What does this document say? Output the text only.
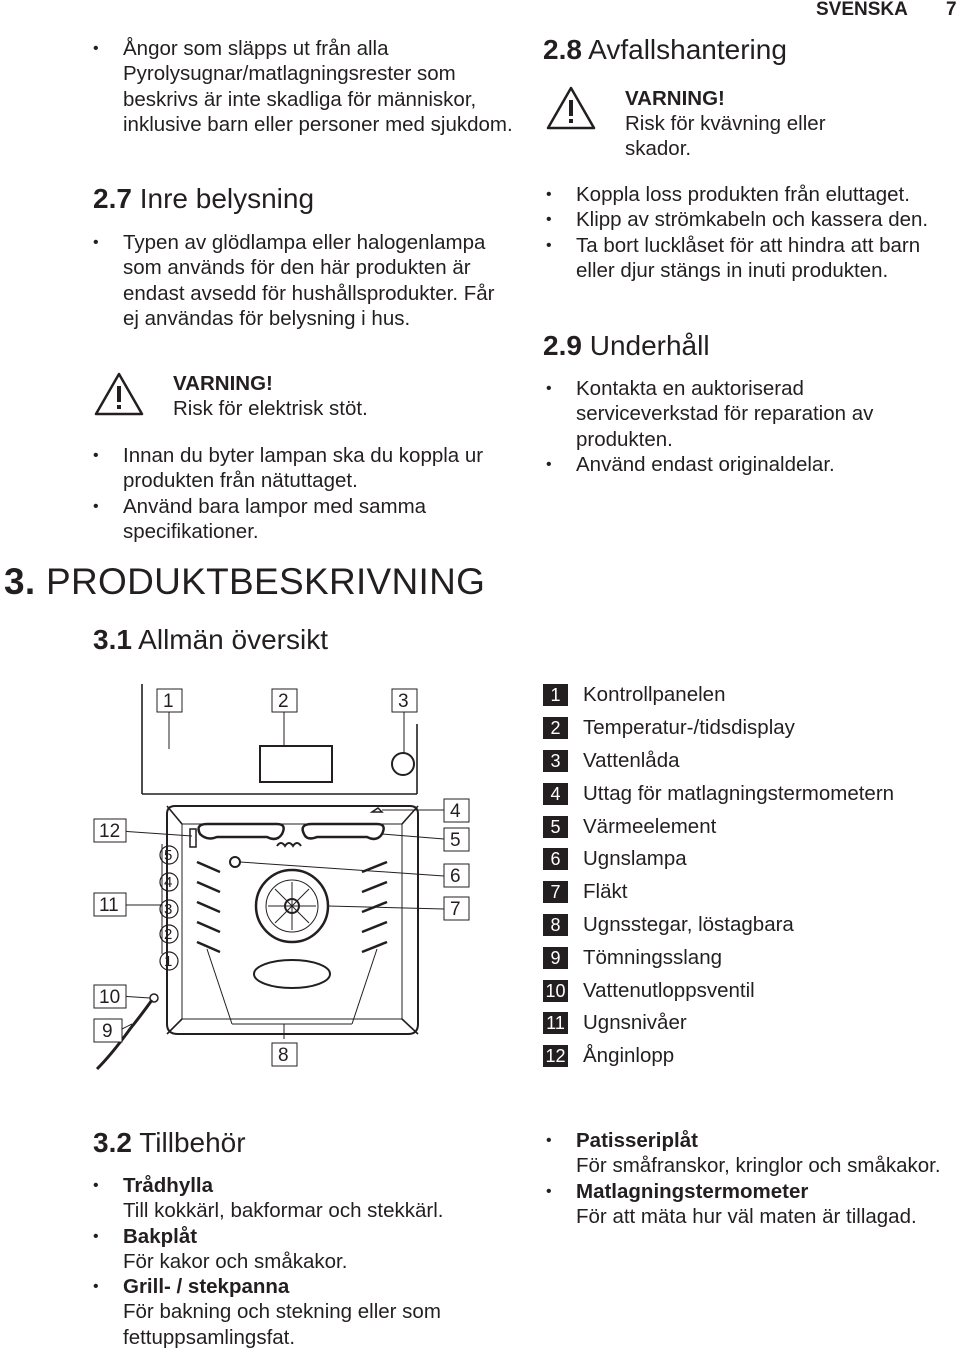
SVENSKA 7
• Ångor som släpps ut från alla Pyrolysugnar/matlagningsrester som beskrivs är inte skadliga för människor, inklusive barn eller personer med sjukdom.
2.7 Inre belysning
• Typen av glödlampa eller halogenlampa som används för den här produkten är endast avsedd för hushållsprodukter. Får ej användas för belysning i hus.
VARNING!
Risk för elektrisk stöt.
• Innan du byter lampan ska du koppla ur produkten från nätuttaget.
• Använd bara lampor med samma specifikationer.
2.8 Avfallshantering
VARNING!
Risk för kvävning eller skador.
• Koppla loss produkten från eluttaget.
• Klipp av strömkabeln och kassera den.
• Ta bort lucklåset för att hindra att barn eller djur stängs in inuti produkten.
2.9 Underhåll
• Kontakta en auktoriserad serviceverkstad för reparation av produkten.
• Använd endast originaldelar.
3. PRODUKTBESKRIVNING
3.1 Allmän översikt
1	2	3
4
5
6
7
8
9
10
11
12
5
4
3
2
1
1	Kontrollpanelen
2	Temperatur-/tidsdisplay
3	Vattenlåda
4	Uttag för matlagningstermometern
5	Värmeelement
6	Ugnslampa
7	Fläkt
8	Ugnsstegar, löstagbara
9	Tömningsslang
10 Vattenutloppsventil
11 Ugnsnivåer
12 Ånginlopp
3.2 Tillbehör
• Trådhylla
Till kokkärl, bakformar och stekkärl.
• Bakplåt
För kakor och småkakor.
• Grill- / stekpanna
För bakning och stekning eller som fettuppsamlingsfat.
• Patisseriplåt
För småfranskor, kringlor och småkakor.
• Matlagningstermometer
För att mäta hur väl maten är tillagad.
